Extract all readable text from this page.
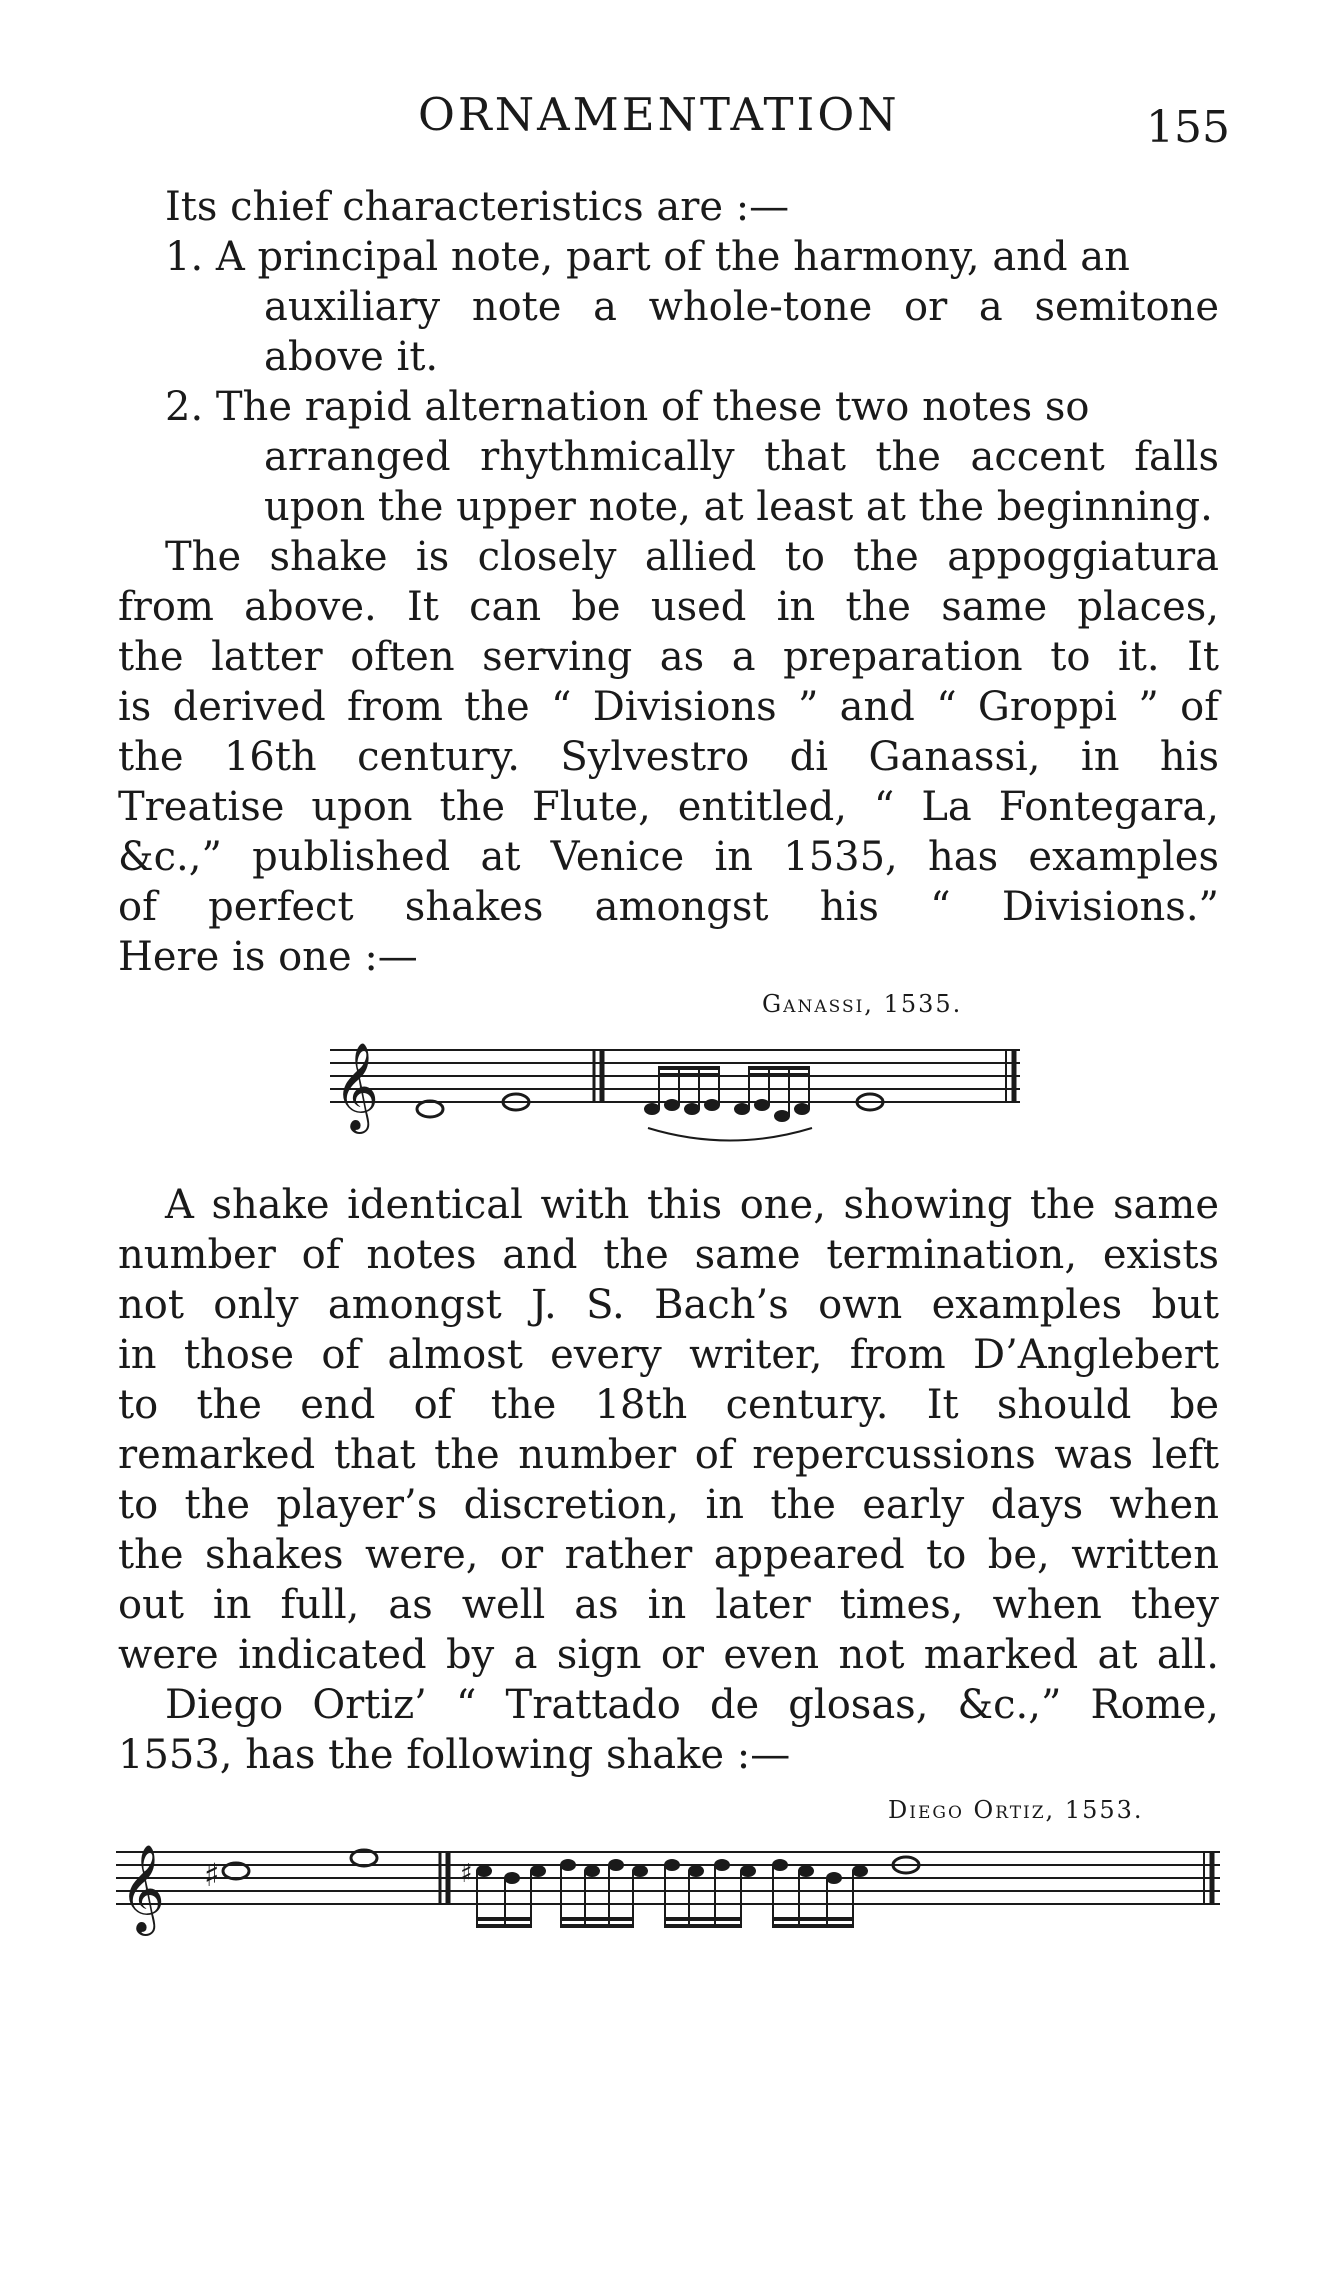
ORNAMENTATION	155
Its chief characteristics are :—
1. A principal note, part of the harmony, and an
auxiliary note a whole-tone or a semitone
above it.
2. The rapid alternation of these two notes so
arranged rhythmically that the accent falls
upon the upper note, at least at the beginning.
The shake is closely allied to the appoggiatura
from above. It can be used in the same places,
the latter often serving as a preparation to it. It
is derived from the “ Divisions ” and “ Groppi ” of
the 16th century. Sylvestro di Ganassi, in his
Treatise upon the Flute, entitled, “ La Fontegara,
&c.,” published at Venice in 1535, has examples
of perfect shakes amongst his “ Divisions.”
Here is one :—
Ganassi, 1535.
𝄞
A shake identical with this one, showing the same
number of notes and the same termination, exists
not only amongst J. S. Bach’s own examples but
in those of almost every writer, from D’Anglebert
to the end of the 18th century. It should be
remarked that the number of repercussions was left
to the player’s discretion, in the early days when
the shakes were, or rather appeared to be, written
out in full, as well as in later times, when they
were indicated by a sign or even not marked at all.
Diego Ortiz’ “ Trattado de glosas, &c.,” Rome,
1553, has the following shake :—
Diego Ortiz, 1553.
𝄞 ♯	♯
